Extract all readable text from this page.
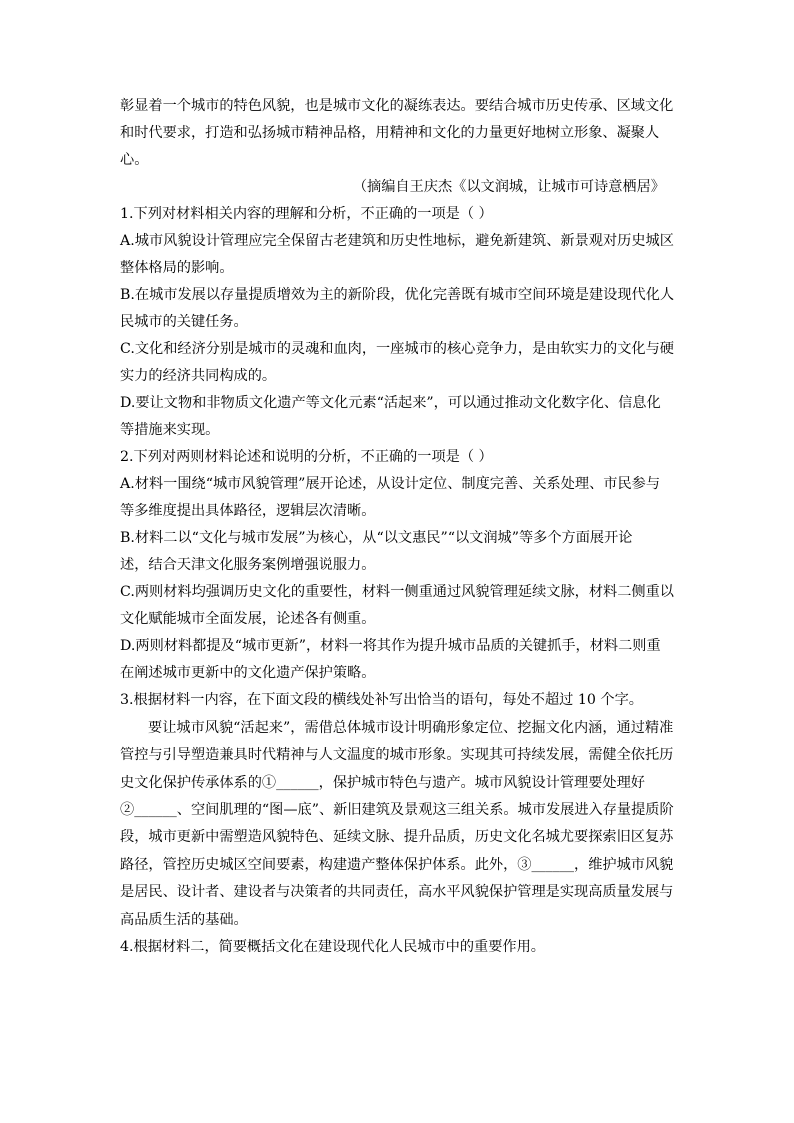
彰显着一个城市的特色风貌，也是城市文化的凝练表达。要结合城市历史传承、区域文化
和时代要求，打造和弘扬城市精神品格，用精神和文化的力量更好地树立形象、凝聚人
心。
（摘编自王庆杰《以文润城，让城市可诗意栖居》
1.下列对材料相关内容的理解和分析，不正确的一项是（ ）
A.城市风貌设计管理应完全保留古老建筑和历史性地标，避免新建筑、新景观对历史城区
整体格局的影响。
B.在城市发展以存量提质增效为主的新阶段，优化完善既有城市空间环境是建设现代化人
民城市的关键任务。
C.文化和经济分别是城市的灵魂和血肉，一座城市的核心竞争力，是由软实力的文化与硬
实力的经济共同构成的。
D.要让文物和非物质文化遗产等文化元素“活起来”，可以通过推动文化数字化、信息化
等措施来实现。
2.下列对两则材料论述和说明的分析，不正确的一项是（ ）
A.材料一围绕“城市风貌管理”展开论述，从设计定位、制度完善、关系处理、市民参与
等多维度提出具体路径，逻辑层次清晰。
B.材料二以“文化与城市发展”为核心，从“以文惠民”“以文润城”等多个方面展开论
述，结合天津文化服务案例增强说服力。
C.两则材料均强调历史文化的重要性，材料一侧重通过风貌管理延续文脉，材料二侧重以
文化赋能城市全面发展，论述各有侧重。
D.两则材料都提及“城市更新”，材料一将其作为提升城市品质的关键抓手，材料二则重
在阐述城市更新中的文化遗产保护策略。
3.根据材料一内容，在下面文段的横线处补写出恰当的语句，每处不超过 10 个字。
要让城市风貌“活起来”，需借总体城市设计明确形象定位、挖掘文化内涵，通过精准
管控与引导塑造兼具时代精神与人文温度的城市形象。实现其可持续发展，需健全依托历
史文化保护传承体系的①______，保护城市特色与遗产。城市风貌设计管理要处理好
②______、空间肌理的“图—底”、新旧建筑及景观这三组关系。城市发展进入存量提质阶
段，城市更新中需塑造风貌特色、延续文脉、提升品质，历史文化名城尤要探索旧区复苏
路径，管控历史城区空间要素，构建遗产整体保护体系。此外，③______，维护城市风貌
是居民、设计者、建设者与决策者的共同责任，高水平风貌保护管理是实现高质量发展与
高品质生活的基础。
4.根据材料二，简要概括文化在建设现代化人民城市中的重要作用。
